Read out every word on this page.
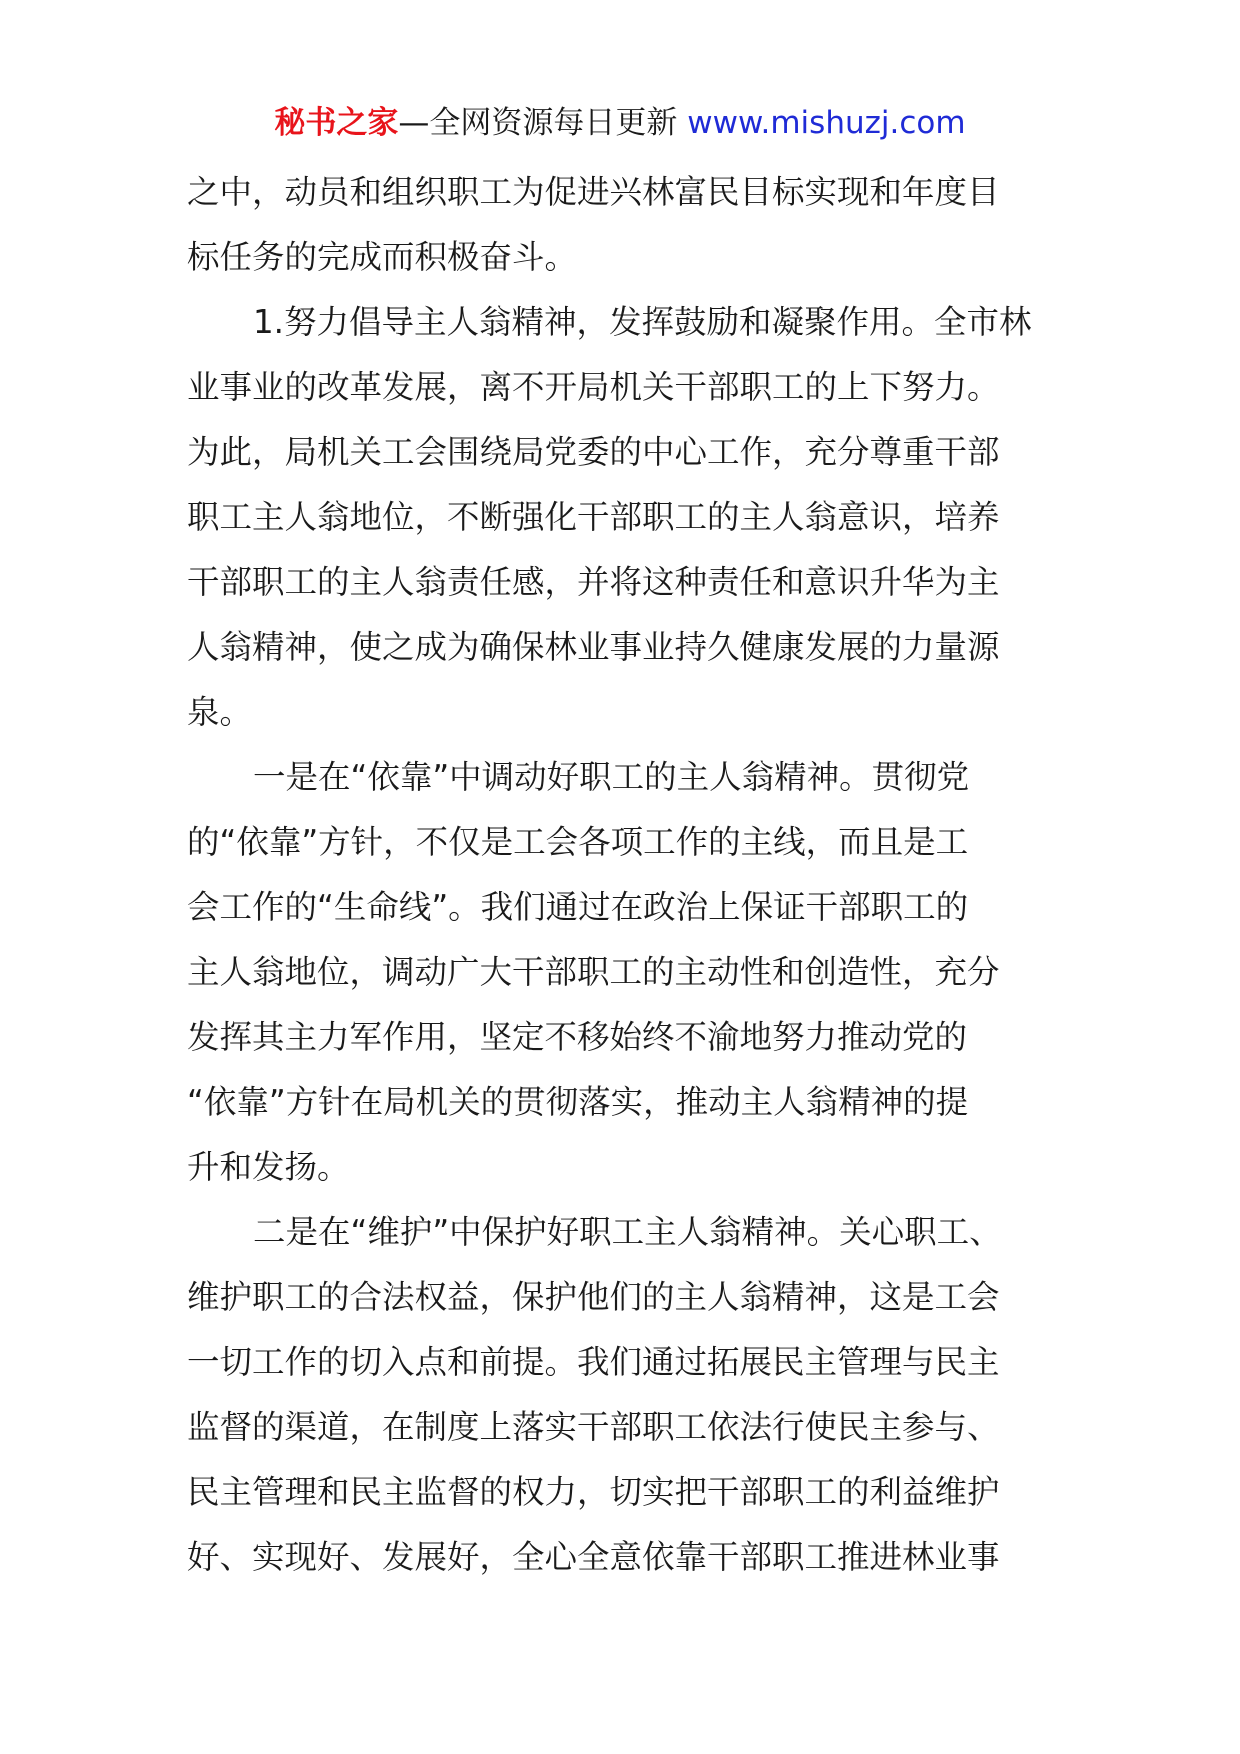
秘书之家—全网资源每日更新 www.mishuzj.com

之中，动员和组织职工为促进兴林富民目标实现和年度目
标任务的完成而积极奋斗。

1.努力倡导主人翁精神，发挥鼓励和凝聚作用。全市林
业事业的改革发展，离不开局机关干部职工的上下努力。
为此，局机关工会围绕局党委的中心工作，充分尊重干部
职工主人翁地位，不断强化干部职工的主人翁意识，培养
干部职工的主人翁责任感，并将这种责任和意识升华为主
人翁精神，使之成为确保林业事业持久健康发展的力量源
泉。

一是在“依靠”中调动好职工的主人翁精神。贯彻党
的“依靠”方针，不仅是工会各项工作的主线，而且是工
会工作的“生命线”。我们通过在政治上保证干部职工的
主人翁地位，调动广大干部职工的主动性和创造性，充分
发挥其主力军作用，坚定不移始终不渝地努力推动党的
“依靠”方针在局机关的贯彻落实，推动主人翁精神的提
升和发扬。

二是在“维护”中保护好职工主人翁精神。关心职工、
维护职工的合法权益，保护他们的主人翁精神，这是工会
一切工作的切入点和前提。我们通过拓展民主管理与民主
监督的渠道，在制度上落实干部职工依法行使民主参与、
民主管理和民主监督的权力，切实把干部职工的利益维护
好、实现好、发展好，全心全意依靠干部职工推进林业事
